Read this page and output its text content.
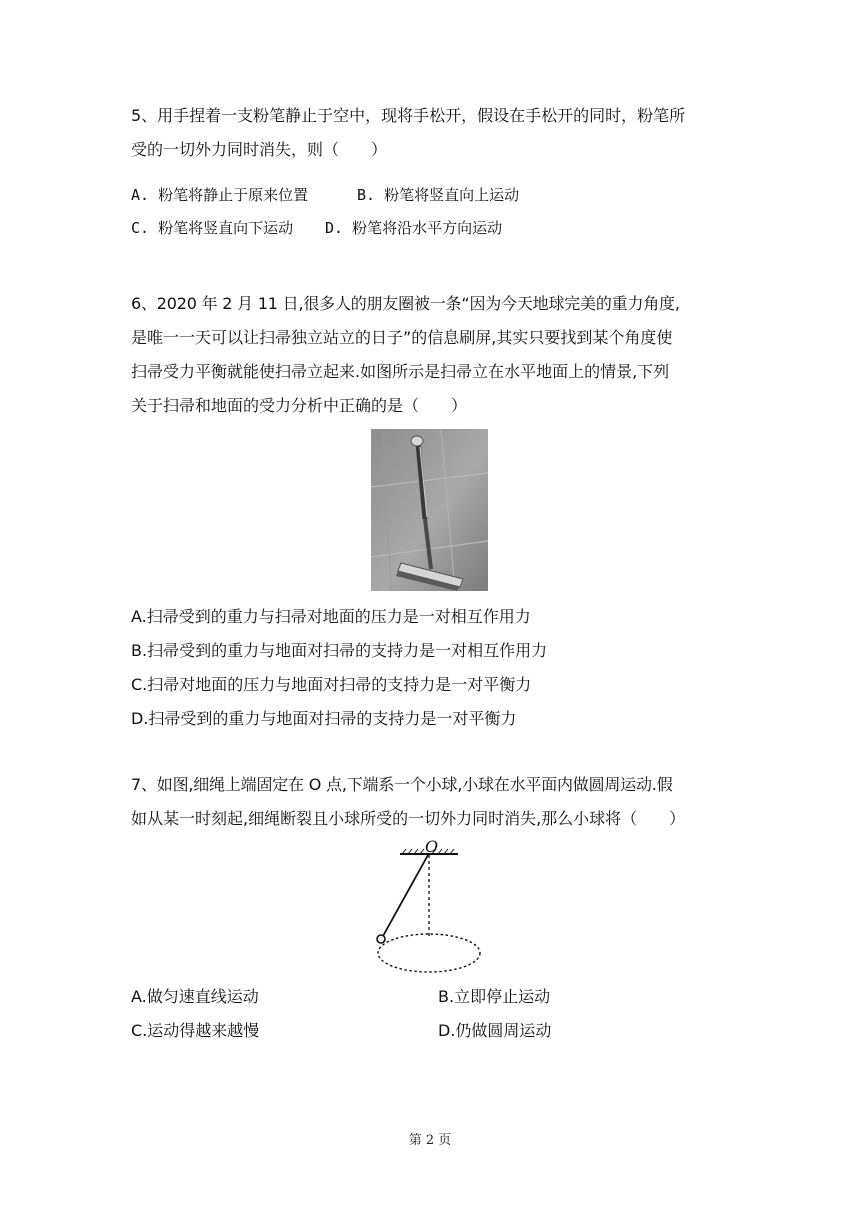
5、用手捏着一支粉笔静止于空中，现将手松开，假设在手松开的同时，粉笔所
受的一切外力同时消失，则（　　）
A. 粉笔将静止于原来位置	B. 粉笔将竖直向上运动
C. 粉笔将竖直向下运动 D. 粉笔将沿水平方向运动
6、2020 年 2 月 11 日,很多人的朋友圈被一条“因为今天地球完美的重力角度,
是唯一一天可以让扫帚独立站立的日子”的信息刷屏,其实只要找到某个角度使
扫帚受力平衡就能使扫帚立起来.如图所示是扫帚立在水平地面上的情景,下列
关于扫帚和地面的受力分析中正确的是（　　）
A.扫帚受到的重力与扫帚对地面的压力是一对相互作用力
B.扫帚受到的重力与地面对扫帚的支持力是一对相互作用力
C.扫帚对地面的压力与地面对扫帚的支持力是一对平衡力
D.扫帚受到的重力与地面对扫帚的支持力是一对平衡力
7、如图,细绳上端固定在 O 点,下端系一个小球,小球在水平面内做圆周运动.假
如从某一时刻起,细绳断裂且小球所受的一切外力同时消失,那么小球将（　　）
O
A.做匀速直线运动	B.立即停止运动
C.运动得越来越慢	D.仍做圆周运动
第 2 页
